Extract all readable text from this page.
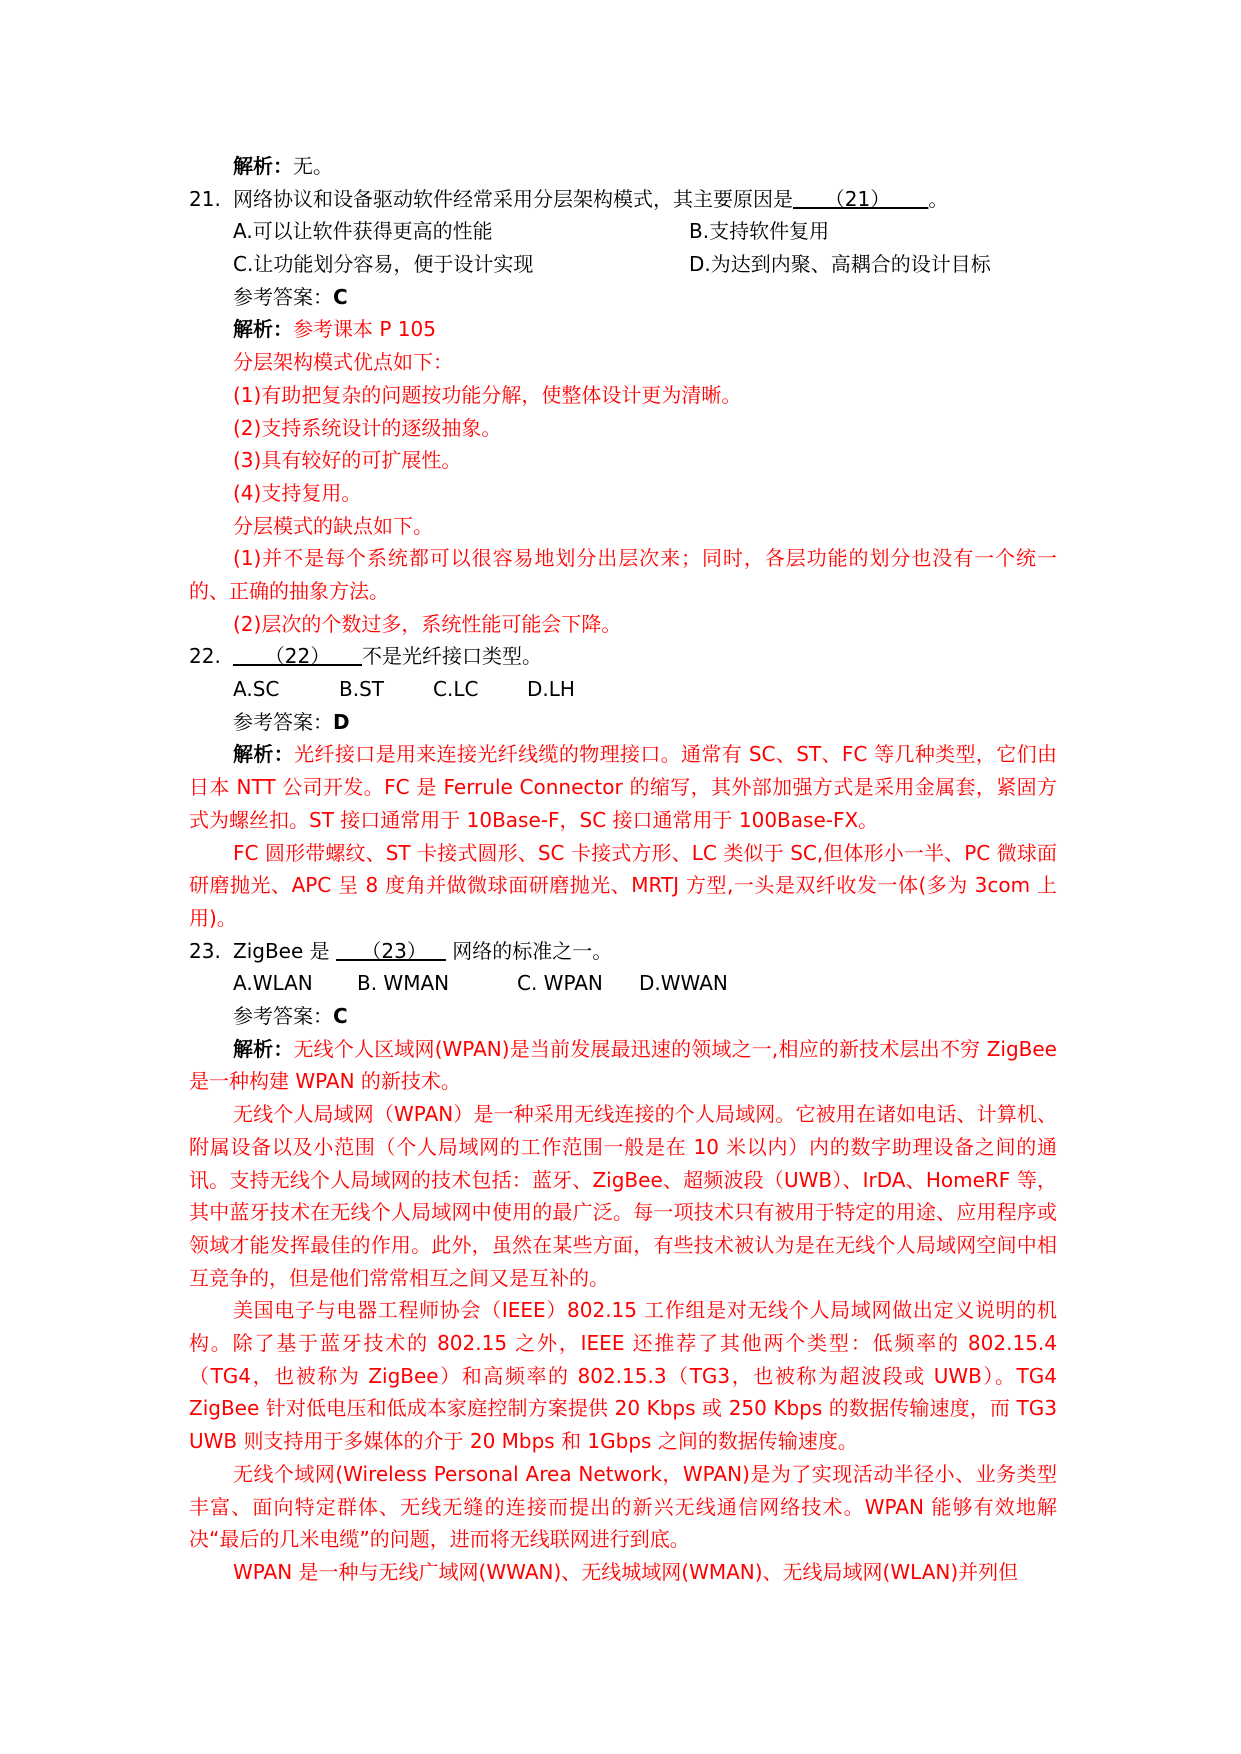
解析：无。
21. 网络协议和设备驱动软件经常采用分层架构模式，其主要原因是     （21）      。
A.可以让软件获得更高的性能	B.支持软件复用
C.让功能划分容易，便于设计实现	D.为达到内聚、高耦合的设计目标
参考答案：C
解析：参考课本 P 105
分层架构模式优点如下：
(1)有助把复杂的问题按功能分解，使整体设计更为清晰。
(2)支持系统设计的逐级抽象。
(3)具有较好的可扩展性。
(4)支持复用。
分层模式的缺点如下。
(1)并不是每个系统都可以很容易地划分出层次来；同时，各层功能的划分也没有一个统一的、正确的抽象方法。
(2)层次的个数过多，系统性能可能会下降。
22.     （22）     不是光纤接口类型。
A.SC	B.ST C.LC D.LH
参考答案：D
解析：光纤接口是用来连接光纤线缆的物理接口。通常有 SC、ST、FC 等几种类型，它们由日本 NTT 公司开发。FC 是 Ferrule Connector 的缩写，其外部加强方式是采用金属套，紧固方式为螺丝扣。ST 接口通常用于 10Base-F，SC 接口通常用于 100Base-FX。
FC 圆形带螺纹、ST 卡接式圆形、SC 卡接式方形、LC 类似于 SC,但体形小一半、PC 微球面研磨抛光、APC 呈 8 度角并做微球面研磨抛光、MRTJ 方型,一头是双纤收发一体(多为 3com 上用)。
23. ZigBee 是     （23）    网络的标准之一。
A.WLAN B. WMAN	C. WPAN D.WWAN
参考答案：C
解析：无线个人区域网(WPAN)是当前发展最迅速的领域之一,相应的新技术层出不穷 ZigBee 是一种构建 WPAN 的新技术。
无线个人局域网（WPAN）是一种采用无线连接的个人局域网。它被用在诸如电话、计算机、附属设备以及小范围（个人局域网的工作范围一般是在 10 米以内）内的数字助理设备之间的通讯。支持无线个人局域网的技术包括：蓝牙、ZigBee、超频波段（UWB）、IrDA、HomeRF 等，其中蓝牙技术在无线个人局域网中使用的最广泛。每一项技术只有被用于特定的用途、应用程序或领域才能发挥最佳的作用。此外，虽然在某些方面，有些技术被认为是在无线个人局域网空间中相互竞争的，但是他们常常相互之间又是互补的。
美国电子与电器工程师协会（IEEE）802.15 工作组是对无线个人局域网做出定义说明的机构。除了基于蓝牙技术的 802.15 之外，IEEE 还推荐了其他两个类型：低频率的 802.15.4（TG4，也被称为 ZigBee）和高频率的 802.15.3（TG3，也被称为超波段或 UWB）。TG4 ZigBee 针对低电压和低成本家庭控制方案提供 20 Kbps 或 250 Kbps 的数据传输速度，而 TG3 UWB 则支持用于多媒体的介于 20 Mbps 和 1Gbps 之间的数据传输速度。
无线个域网(Wireless Personal Area Network，WPAN)是为了实现活动半径小、业务类型丰富、面向特定群体、无线无缝的连接而提出的新兴无线通信网络技术。WPAN 能够有效地解决“最后的几米电缆”的问题，进而将无线联网进行到底。
WPAN 是一种与无线广域网(WWAN)、无线城域网(WMAN)、无线局域网(WLAN)并列但
